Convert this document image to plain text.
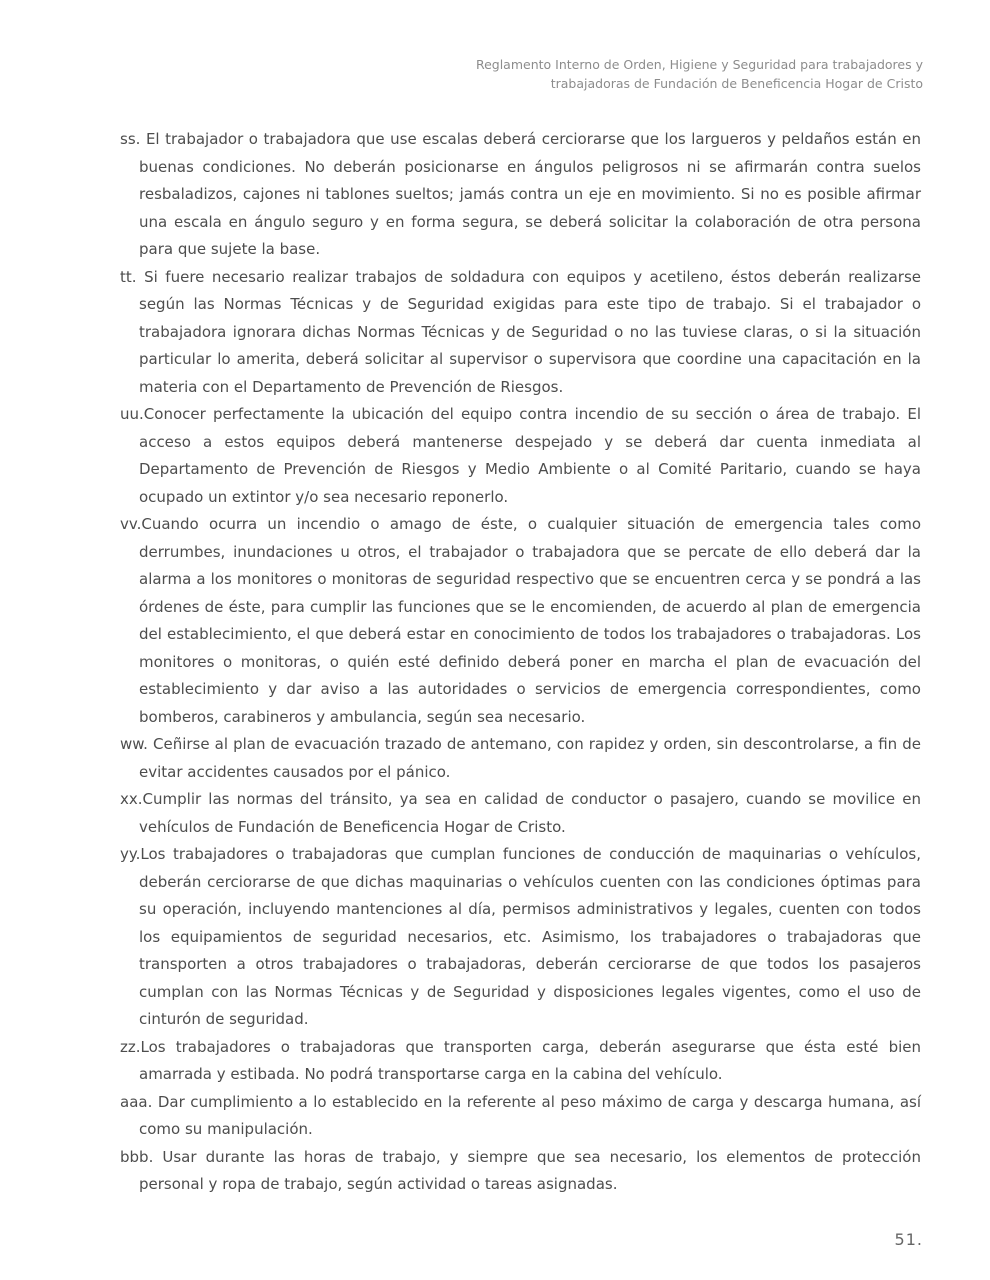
Reglamento Interno de Orden, Higiene y Seguridad para trabajadores y
trabajadoras de Fundación de Beneficencia Hogar de Cristo

ss. El trabajador o trabajadora que use escalas deberá cerciorarse que los largueros y peldaños están en buenas condiciones. No deberán posicionarse en ángulos peligrosos ni se afirmarán contra suelos resbaladizos, cajones ni tablones sueltos; jamás contra un eje en movimiento. Si no es posible afirmar una escala en ángulo seguro y en forma segura, se deberá solicitar la colaboración de otra persona para que sujete la base.

tt. Si fuere necesario realizar trabajos de soldadura con equipos y acetileno, éstos deberán realizarse según las Normas Técnicas y de Seguridad exigidas para este tipo de trabajo. Si el trabajador o trabajadora ignorara dichas Normas Técnicas y de Seguridad o no las tuviese claras, o si la situación particular lo amerita, deberá solicitar al supervisor o supervisora que coordine una capacitación en la materia con el Departamento de Prevención de Riesgos.

uu.Conocer perfectamente la ubicación del equipo contra incendio de su sección o área de trabajo. El acceso a estos equipos deberá mantenerse despejado y se deberá dar cuenta inmediata al Departamento de Prevención de Riesgos y Medio Ambiente o al Comité Paritario, cuando se haya ocupado un extintor y/o sea necesario reponerlo.

vv.Cuando ocurra un incendio o amago de éste, o cualquier situación de emergencia tales como derrumbes, inundaciones u otros, el trabajador o trabajadora que se percate de ello deberá dar la alarma a los monitores o monitoras de seguridad respectivo que se encuentren cerca y se pondrá a las órdenes de éste, para cumplir las funciones que se le encomienden, de acuerdo al plan de emergencia del establecimiento, el que deberá estar en conocimiento de todos los trabajadores o trabajadoras. Los monitores o monitoras, o quién esté definido deberá poner en marcha el plan de evacuación del establecimiento y dar aviso a las autoridades o servicios de emergencia correspondientes, como bomberos, carabineros y ambulancia, según sea necesario.

ww. Ceñirse al plan de evacuación trazado de antemano, con rapidez y orden, sin descontrolarse, a fin de evitar accidentes causados por el pánico.

xx.Cumplir las normas del tránsito, ya sea en calidad de conductor o pasajero, cuando se movilice en vehículos de Fundación de Beneficencia Hogar de Cristo.

yy.Los trabajadores o trabajadoras que cumplan funciones de conducción de maquinarias o vehículos, deberán cerciorarse de que dichas maquinarias o vehículos cuenten con las condiciones óptimas para su operación, incluyendo mantenciones al día, permisos administrativos y legales, cuenten con todos los equipamientos de seguridad necesarios, etc. Asimismo, los trabajadores o trabajadoras que transporten a otros trabajadores o trabajadoras, deberán cerciorarse de que todos los pasajeros cumplan con las Normas Técnicas y de Seguridad y disposiciones legales vigentes, como el uso de cinturón de seguridad.

zz.Los trabajadores o trabajadoras que transporten carga, deberán asegurarse que ésta esté bien amarrada y estibada. No podrá transportarse carga en la cabina del vehículo.

aaa. Dar cumplimiento a lo establecido en la referente al peso máximo de carga y descarga humana, así como su manipulación.

bbb. Usar durante las horas de trabajo, y siempre que sea necesario, los elementos de protección personal y ropa de trabajo, según actividad o tareas asignadas.

51.
